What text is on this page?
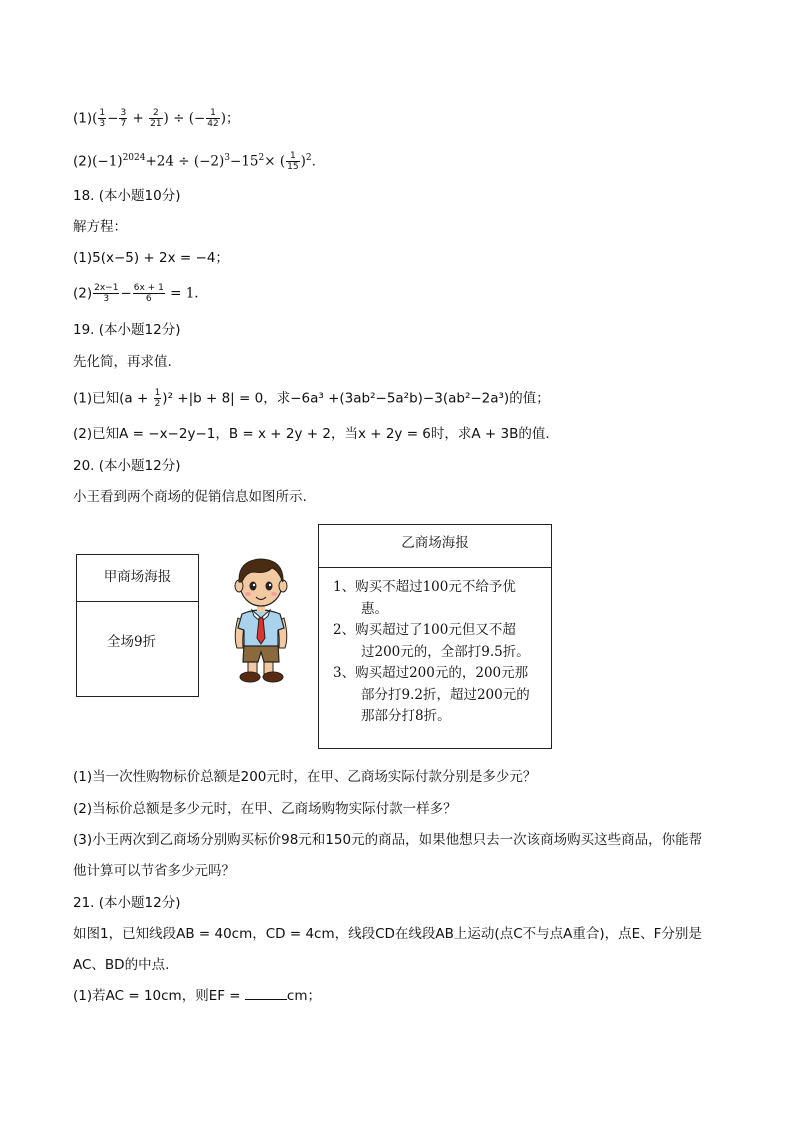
$(1)( \frac{1}{3} - \frac{3}{7} + \frac{2}{21}$ ) ÷ (− $\frac{1}{42}$ )；
$(2)(-1)^{2024}+24 \div (-2)^3-15^2\times$ ( $\frac{1}{15} )^2$.
18. (本小题10分)
解方程：
(1)5(x−5) + 2x = −4；
$(2) \frac{2x-1}{3} - \frac{6x + 1}{6} = 1$.
19. (本小题12分)
先化简，再求值.
(1)已知$(a + \frac{1}{2} )^2 +|b + 8| = 0$，求−6a³ +(3ab²−5a²b)−3(ab²−2a³)的值；
(2)已知A = −x−2y−1，B = x + 2y + 2，当x + 2y = 6时，求A + 3B的值.
20. (本小题12分)
小王看到两个商场的促销信息如图所示.
甲商场海报
全场9折
乙商场海报
1、购买不超过100元不给予优
惠。
2、购买超过了100元但又不超
过200元的，全部打9.5折。
3、购买超过200元的，200元那
部分打9.2折，超过200元的
那部分打8折。
(1)当一次性购物标价总额是200元时，在甲、乙商场实际付款分别是多少元？
(2)当标价总额是多少元时，在甲、乙商场购物实际付款一样多？
(3)小王两次到乙商场分别购买标价98元和150元的商品，如果他想只去一次该商场购买这些商品，你能帮
他计算可以节省多少元吗？
21. (本小题12分)
如图1，已知线段AB = 40cm，CD = 4cm，线段CD在线段AB上运动(点C不与点A重合)，点E、F分别是
AC、BD的中点.
(1)若AC = 10cm，则EF =	cm；
